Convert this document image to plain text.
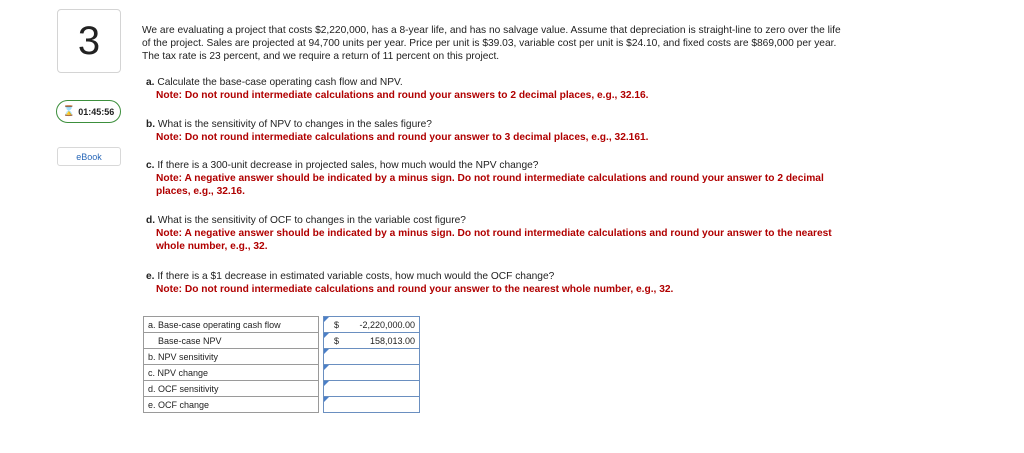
3
⌛ 01:45:56
eBook

We are evaluating a project that costs $2,220,000, has a 8-year life, and has no salvage value. Assume that depreciation is straight-line to zero over the life of the project. Sales are projected at 94,700 units per year. Price per unit is $39.03, variable cost per unit is $24.10, and fixed costs are $869,000 per year. The tax rate is 23 percent, and we require a return of 11 percent on this project.

a. Calculate the base-case operating cash flow and NPV.
Note: Do not round intermediate calculations and round your answers to 2 decimal places, e.g., 32.16.
b. What is the sensitivity of NPV to changes in the sales figure?
Note: Do not round intermediate calculations and round your answer to 3 decimal places, e.g., 32.161.
c. If there is a 300-unit decrease in projected sales, how much would the NPV change?
Note: A negative answer should be indicated by a minus sign. Do not round intermediate calculations and round your answer to 2 decimal places, e.g., 32.16.
d. What is the sensitivity of OCF to changes in the variable cost figure?
Note: A negative answer should be indicated by a minus sign. Do not round intermediate calculations and round your answer to the nearest whole number, e.g., 32.
e. If there is a $1 decrease in estimated variable costs, how much would the OCF change?
Note: Do not round intermediate calculations and round your answer to the nearest whole number, e.g., 32.
a. Base-case operating cash flow		$ -2,220,000.00

Base-case NPV		$ 158,013.00

b. NPV sensitivity		

c. NPV change		

d. OCF sensitivity		

e. OCF change		
